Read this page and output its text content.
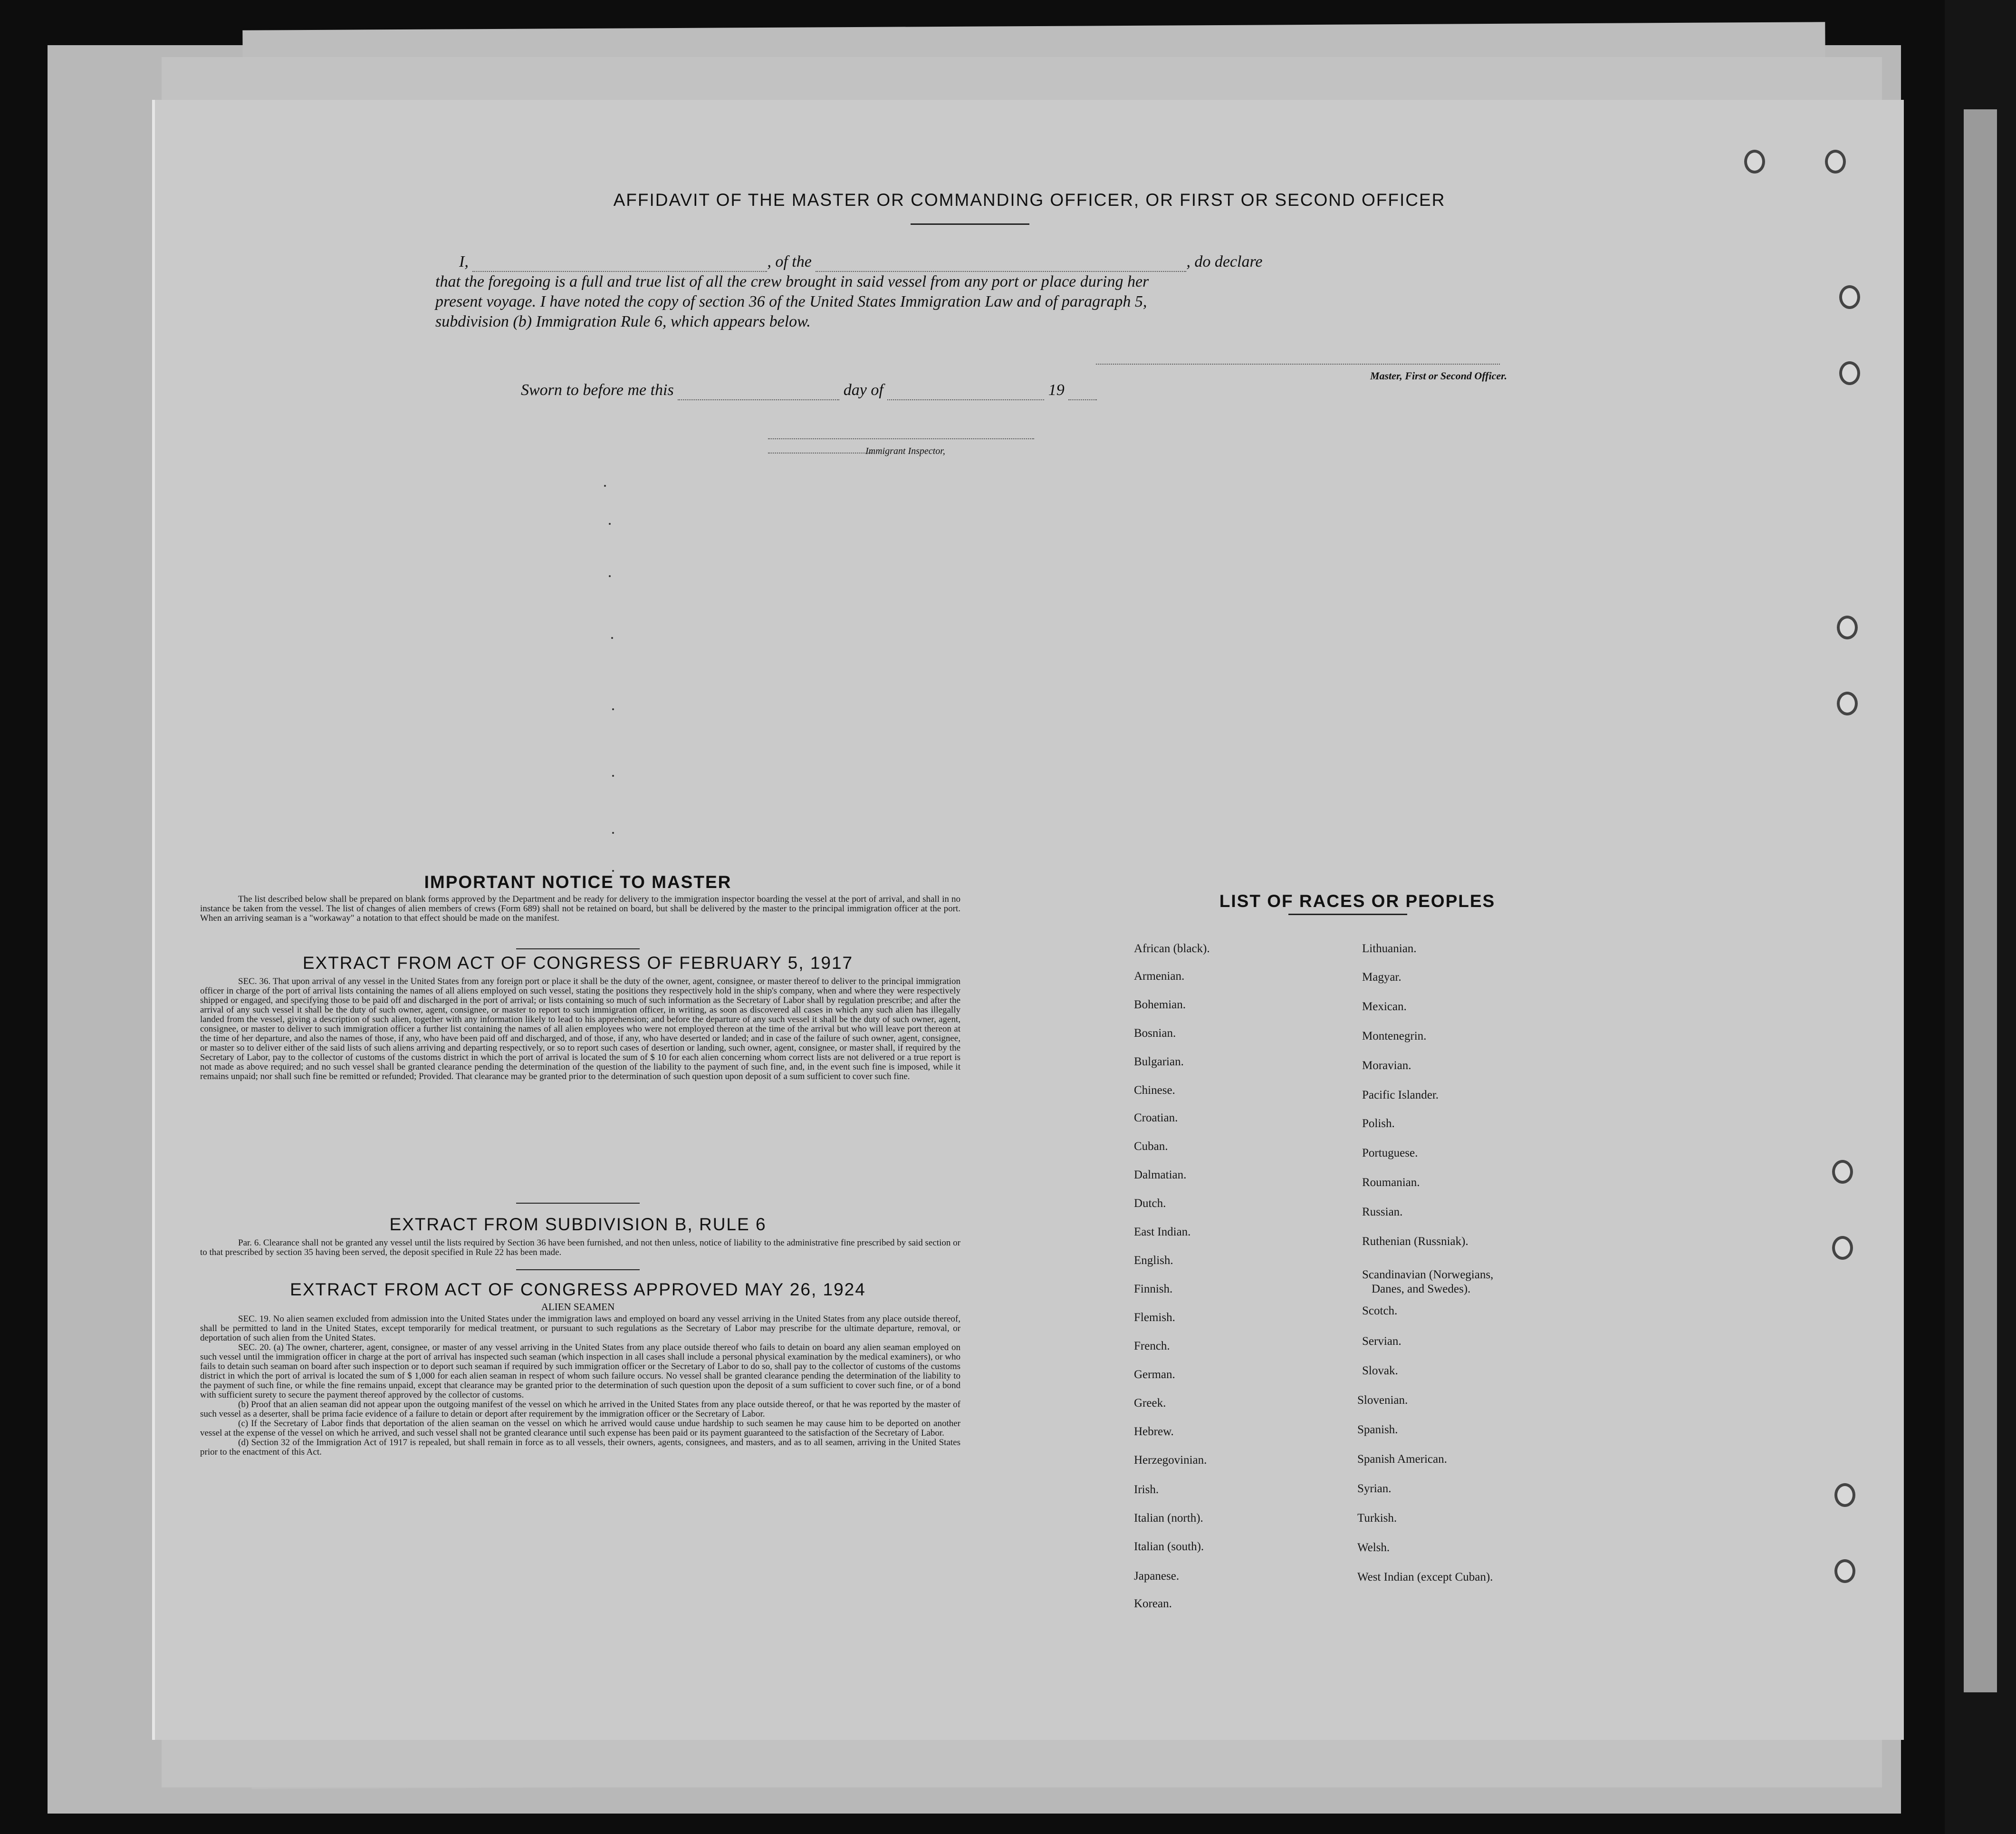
AFFIDAVIT OF THE MASTER OR COMMANDING OFFICER, OR FIRST OR SECOND OFFICER
I,	, of the	, do declare
that the foregoing is a full and true list of all the crew brought in said vessel from any port or place during her
present voyage. I have noted the copy of section 36 of the United States Immigration Law and of paragraph 5,
subdivision (b) Immigration Rule 6, which appears below.
Master, First or Second Officer.
Sworn to before me this	day of	19
Immigrant Inspector,
IMPORTANT NOTICE TO MASTER
The list described below shall be prepared on blank forms approved by the Department and be ready for delivery to the immigration inspector boarding the vessel at the port of arrival, and shall in no instance be taken from the vessel. The list of changes of alien members of crews (Form 689) shall not be retained on board, but shall be delivered by the master to the principal immigration officer at the port. When an arriving seaman is a "workaway" a notation to that effect should be made on the manifest.
EXTRACT FROM ACT OF CONGRESS OF FEBRUARY 5, 1917
SEC. 36. That upon arrival of any vessel in the United States from any foreign port or place it shall be the duty of the owner, agent, consignee, or master thereof to deliver to the principal immigration officer in charge of the port of arrival lists containing the names of all aliens employed on such vessel, stating the positions they respectively hold in the ship's company, when and where they were respectively shipped or engaged, and specifying those to be paid off and discharged in the port of arrival; or lists containing so much of such information as the Secretary of Labor shall by regulation prescribe; and after the arrival of any such vessel it shall be the duty of such owner, agent, consignee, or master to report to such immigration officer, in writing, as soon as discovered all cases in which any such alien has illegally landed from the vessel, giving a description of such alien, together with any information likely to lead to his apprehension; and before the departure of any such vessel it shall be the duty of such owner, agent, consignee, or master to deliver to such immigration officer a further list containing the names of all alien employees who were not employed thereon at the time of the arrival but who will leave port thereon at the time of her departure, and also the names of those, if any, who have been paid off and discharged, and of those, if any, who have deserted or landed; and in case of the failure of such owner, agent, consignee, or master so to deliver either of the said lists of such aliens arriving and departing respectively, or so to report such cases of desertion or landing, such owner, agent, consignee, or master shall, if required by the Secretary of Labor, pay to the collector of customs of the customs district in which the port of arrival is located the sum of $ 10 for each alien concerning whom correct lists are not delivered or a true report is not made as above required; and no such vessel shall be granted clearance pending the determination of the question of the liability to the payment of such fine, and, in the event such fine is imposed, while it remains unpaid; nor shall such fine be remitted or refunded; Provided. That clearance may be granted prior to the determination of such question upon deposit of a sum sufficient to cover such fine.
EXTRACT FROM SUBDIVISION B, RULE 6
Par. 6. Clearance shall not be granted any vessel until the lists required by Section 36 have been furnished, and not then unless, notice of liability to the administrative fine prescribed by said section or to that prescribed by section 35 having been served, the deposit specified in Rule 22 has been made.
EXTRACT FROM ACT OF CONGRESS APPROVED MAY 26, 1924
ALIEN SEAMEN
SEC. 19. No alien seamen excluded from admission into the United States under the immigration laws and employed on board any vessel arriving in the United States from any place outside thereof, shall be permitted to land in the United States, except temporarily for medical treatment, or pursuant to such regulations as the Secretary of Labor may prescribe for the ultimate departure, removal, or deportation of such alien from the United States.
SEC. 20. (a) The owner, charterer, agent, consignee, or master of any vessel arriving in the United States from any place outside thereof who fails to detain on board any alien seaman employed on such vessel until the immigration officer in charge at the port of arrival has inspected such seaman (which inspection in all cases shall include a personal physical examination by the medical examiners), or who fails to detain such seaman on board after such inspection or to deport such seaman if required by such immigration officer or the Secretary of Labor to do so, shall pay to the collector of customs of the customs district in which the port of arrival is located the sum of $ 1,000 for each alien seaman in respect of whom such failure occurs. No vessel shall be granted clearance pending the determination of the liability to the payment of such fine, or while the fine remains unpaid, except that clearance may be granted prior to the determination of such question upon the deposit of a sum sufficient to cover such fine, or of a bond with sufficient surety to secure the payment thereof approved by the collector of customs.
(b) Proof that an alien seaman did not appear upon the outgoing manifest of the vessel on which he arrived in the United States from any place outside thereof, or that he was reported by the master of such vessel as a deserter, shall be prima facie evidence of a failure to detain or deport after requirement by the immigration officer or the Secretary of Labor.
(c) If the Secretary of Labor finds that deportation of the alien seaman on the vessel on which he arrived would cause undue hardship to such seamen he may cause him to be deported on another vessel at the expense of the vessel on which he arrived, and such vessel shall not be granted clearance until such expense has been paid or its payment guaranteed to the satisfaction of the Secretary of Labor.
(d) Section 32 of the Immigration Act of 1917 is repealed, but shall remain in force as to all vessels, their owners, agents, consignees, and masters, and as to all seamen, arriving in the United States prior to the enactment of this Act.
LIST OF RACES OR PEOPLES
Danes, and Swedes).
African (black).
Armenian.
Bohemian.
Bosnian.
Bulgarian.
Chinese.
Croatian.
Cuban.
Dalmatian.
Dutch.
East Indian.
English.
Finnish.
Flemish.
French.
German.
Greek.
Hebrew.
Herzegovinian.
Irish.
Italian (north).
Italian (south).
Japanese.
Korean.
Lithuanian.
Magyar.
Mexican.
Montenegrin.
Moravian.
Pacific Islander.
Polish.
Portuguese.
Roumanian.
Russian.
Ruthenian (Russniak).
Scandinavian (Norwegians,
Scotch.
Servian.
Slovak.
Slovenian.
Spanish.
Spanish American.
Syrian.
Turkish.
Welsh.
West Indian (except Cuban).
